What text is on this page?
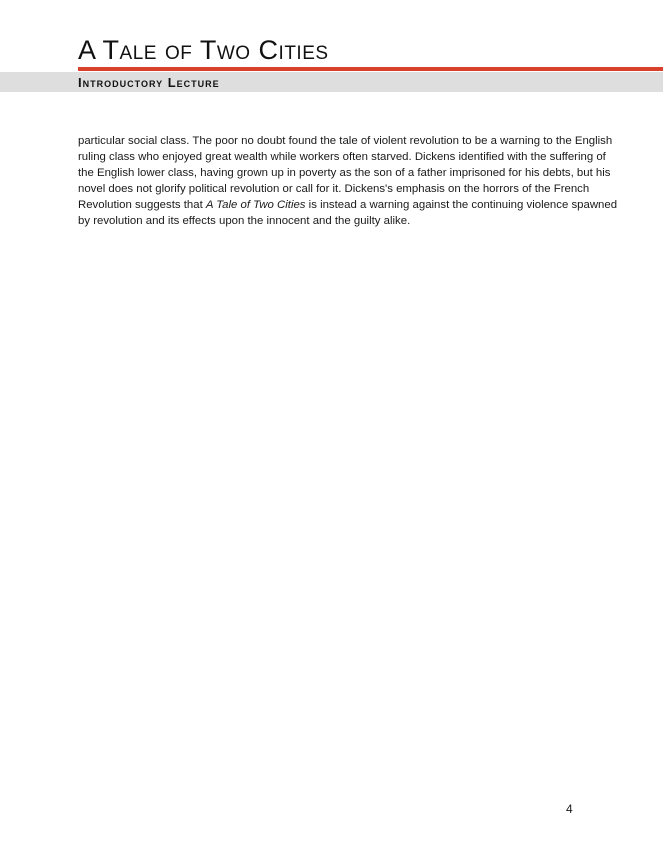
A Tale of Two Cities
Introductory Lecture

particular social class. The poor no doubt found the tale of violent revolution to be a warning to the English ruling class who enjoyed great wealth while workers often starved. Dickens identified with the suffering of the English lower class, having grown up in poverty as the son of a father imprisoned for his debts, but his novel does not glorify political revolution or call for it. Dickens's emphasis on the horrors of the French Revolution suggests that A Tale of Two Cities is instead a warning against the continuing violence spawned by revolution and its effects upon the innocent and the guilty alike.

4
